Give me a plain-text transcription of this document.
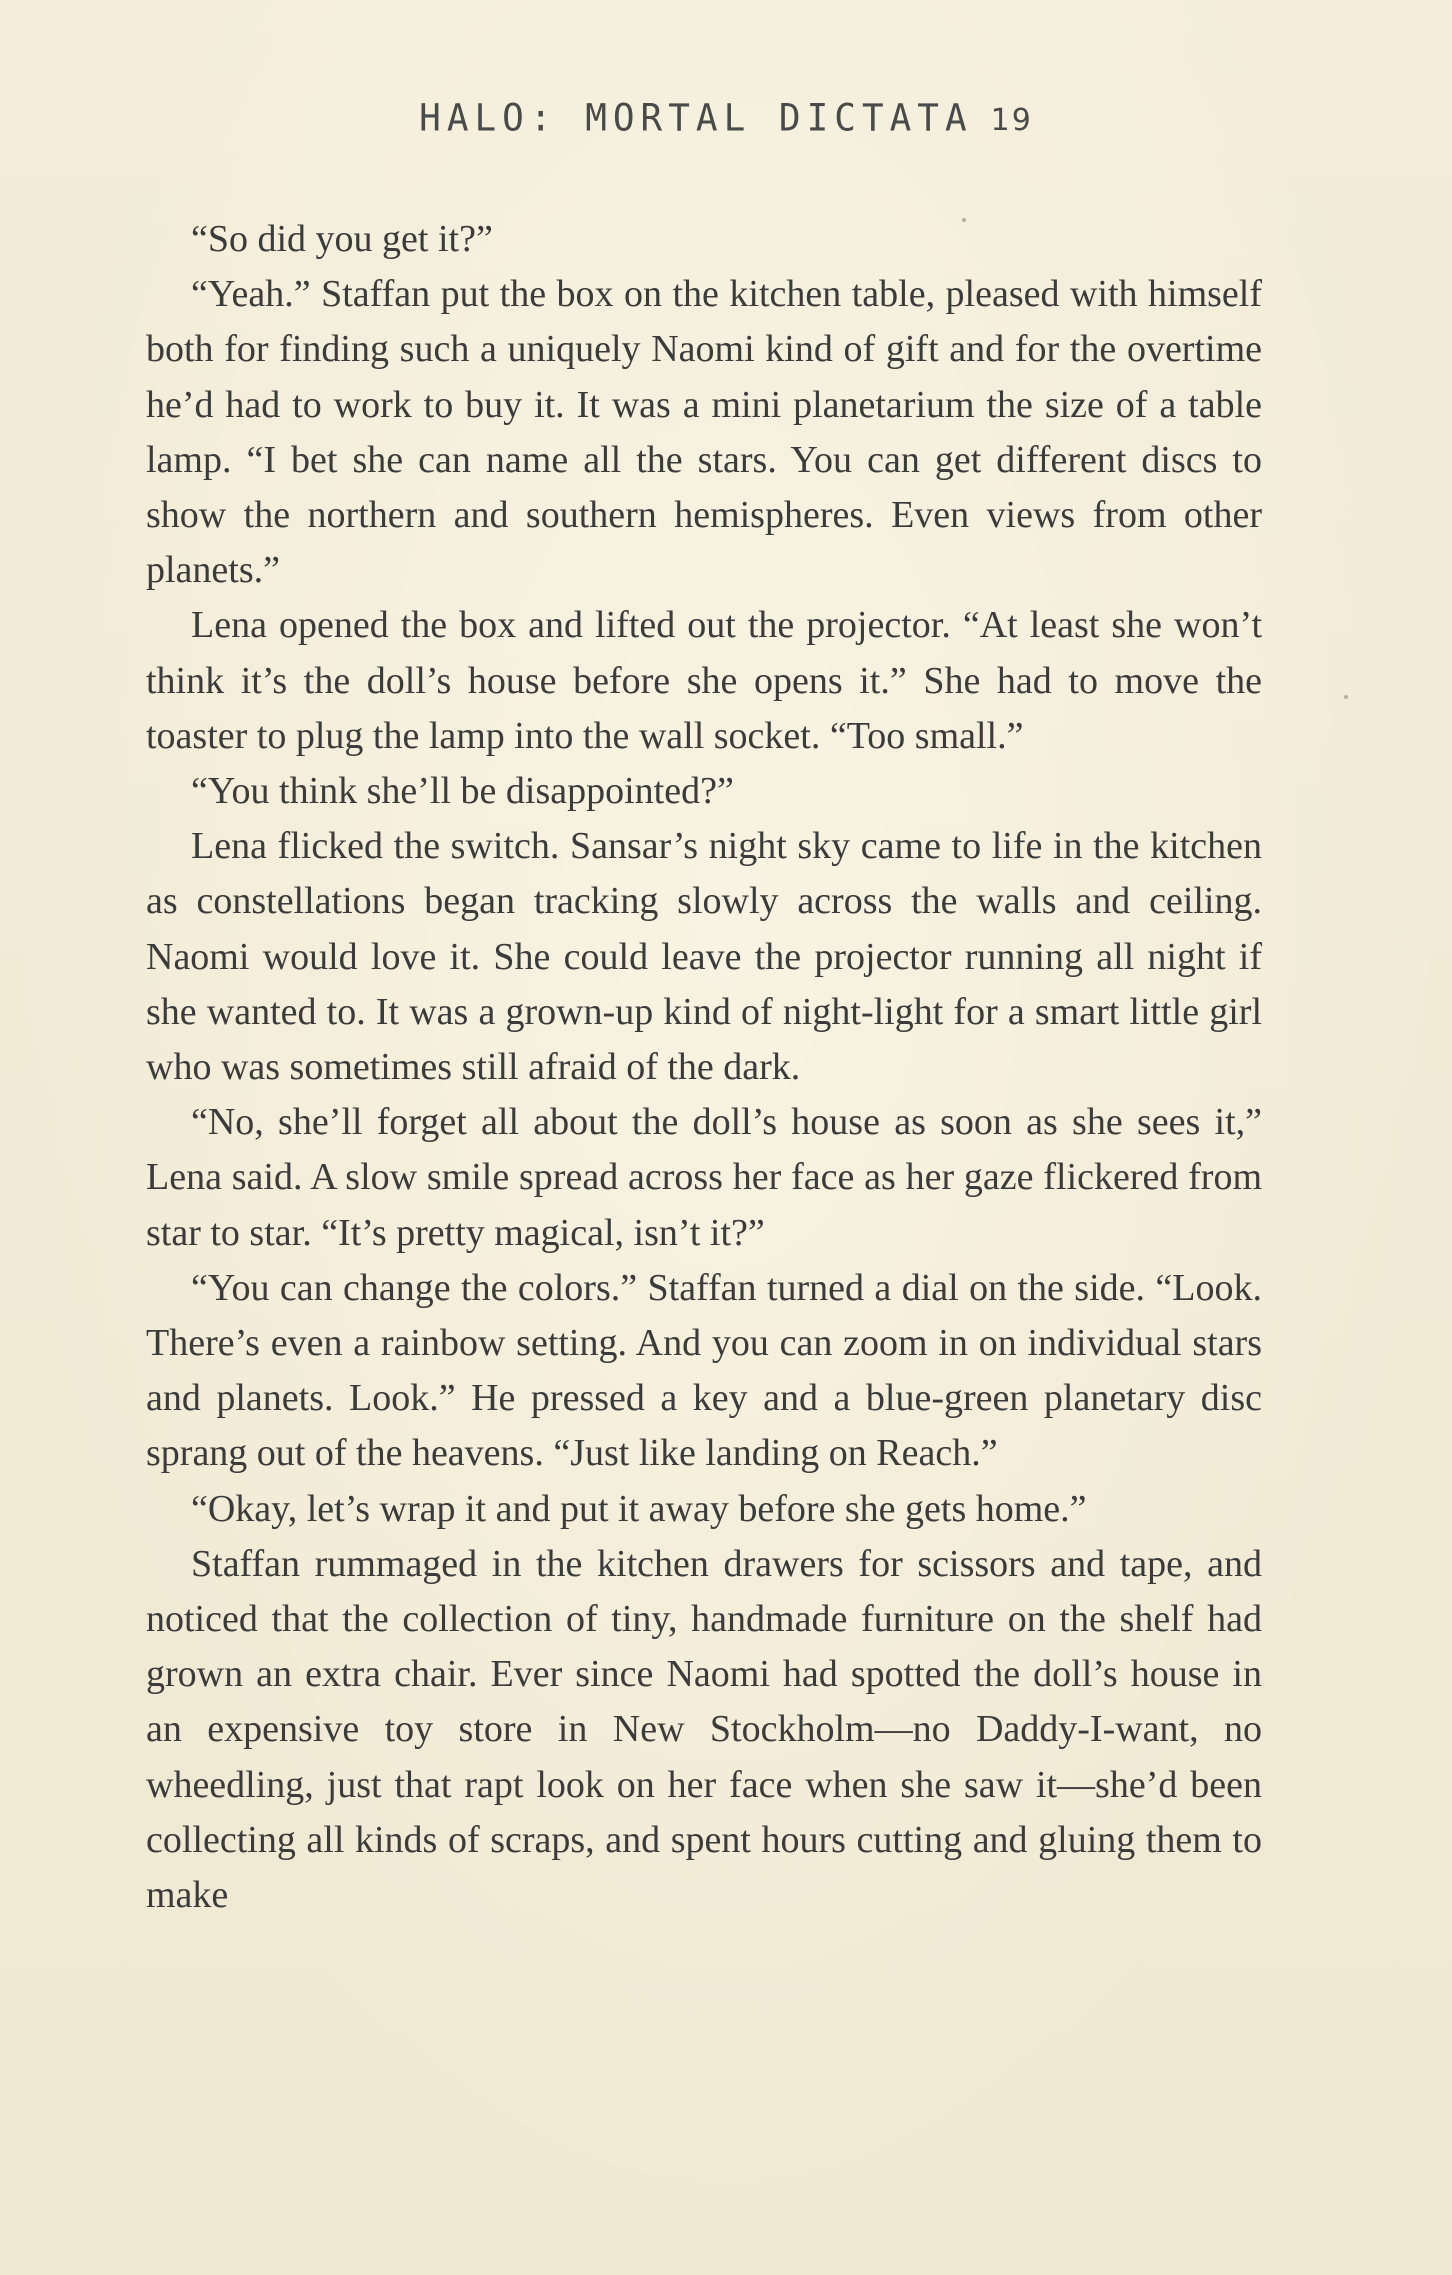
HALO: MORTAL DICTATA 19

“So did you get it?”

“Yeah.” Staffan put the box on the kitchen table, pleased with himself both for finding such a uniquely Naomi kind of gift and for the overtime he’d had to work to buy it. It was a mini planetarium the size of a table lamp. “I bet she can name all the stars. You can get different discs to show the northern and southern hemispheres. Even views from other planets.”

Lena opened the box and lifted out the projector. “At least she won’t think it’s the doll’s house before she opens it.” She had to move the toaster to plug the lamp into the wall socket. “Too small.”

“You think she’ll be disappointed?”

Lena flicked the switch. Sansar’s night sky came to life in the kitchen as constellations began tracking slowly across the walls and ceiling. Naomi would love it. She could leave the projector running all night if she wanted to. It was a grown-up kind of night-light for a smart little girl who was sometimes still afraid of the dark.

“No, she’ll forget all about the doll’s house as soon as she sees it,” Lena said. A slow smile spread across her face as her gaze flickered from star to star. “It’s pretty magical, isn’t it?”

“You can change the colors.” Staffan turned a dial on the side. “Look. There’s even a rainbow setting. And you can zoom in on individual stars and planets. Look.” He pressed a key and a blue-green planetary disc sprang out of the heavens. “Just like landing on Reach.”

“Okay, let’s wrap it and put it away before she gets home.”

Staffan rummaged in the kitchen drawers for scissors and tape, and noticed that the collection of tiny, handmade furniture on the shelf had grown an extra chair. Ever since Naomi had spotted the doll’s house in an expensive toy store in New Stockholm—no Daddy-I-want, no wheedling, just that rapt look on her face when she saw it—she’d been collecting all kinds of scraps, and spent hours cutting and gluing them to make
